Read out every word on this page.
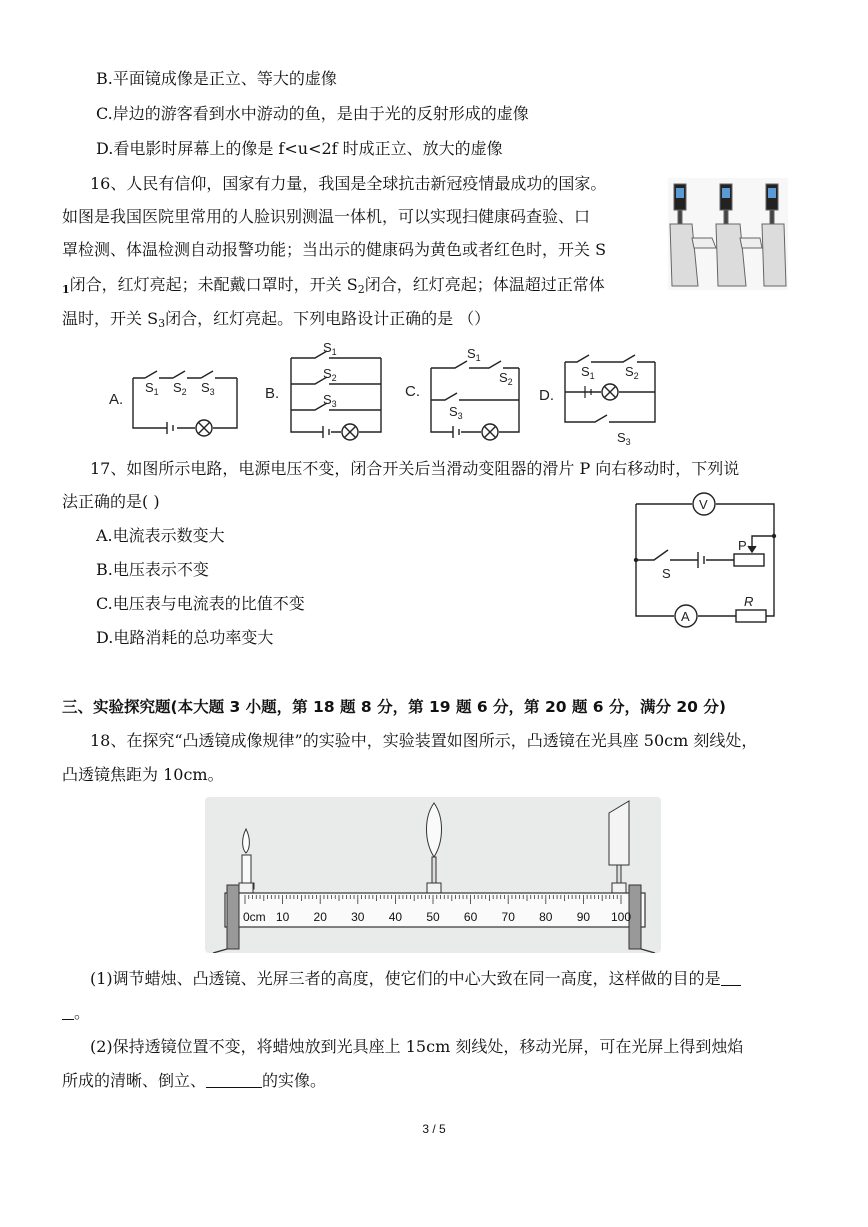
B.平面镜成像是正立、等大的虚像
C.岸边的游客看到水中游动的鱼，是由于光的反射形成的虚像
D.看电影时屏幕上的像是 f<u<2f 时成正立、放大的虚像
16、人民有信仰，国家有力量，我国是全球抗击新冠疫情最成功的国家。
如图是我国医院里常用的人脸识别测温一体机，可以实现扫健康码查验、口
罩检测、体温检测自动报警功能；当出示的健康码为黄色或者红色时，开关 S
$_1$闭合，红灯亮起；未配戴口罩时，开关 $S_2$闭合，红灯亮起；体温超过正常体
温时，开关 $S_3$闭合，红灯亮起。下列电路设计正确的是 （）
A.	B.	C.	D.
$S_1$ $S_2$ $S_3$
$S_1$
$S_2$
$S_3$
$S_1$
$S_2$
$S_3$
$S_1$ $S_2$
$S_3$
17、如图所示电路，电源电压不变，闭合开关后当滑动变阻器的滑片 P 向右移动时，下列说
法正确的是( )
A.电流表示数变大
B.电压表示不变
C.电压表与电流表的比值不变
D.电路消耗的总功率变大
V
A
P
S
R
三、实验探究题(本大题 3 小题，第 18 题 8 分，第 19 题 6 分，第 20 题 6 分，满分 20 分)
18、在探究“凸透镜成像规律”的实验中，实验装置如图所示，凸透镜在光具座 50cm 刻线处，
凸透镜焦距为 10cm。
0cm 10 20 30 40 50 60 70 80 90 100
(1)调节蜡烛、凸透镜、光屏三者的高度，使它们的中心大致在同一高度，这样做的目的是
。
(2)保持透镜位置不变，将蜡烛放到光具座上 15cm 刻线处，移动光屏，可在光屏上得到烛焰
所成的清晰、倒立、	的实像。
3 / 5
